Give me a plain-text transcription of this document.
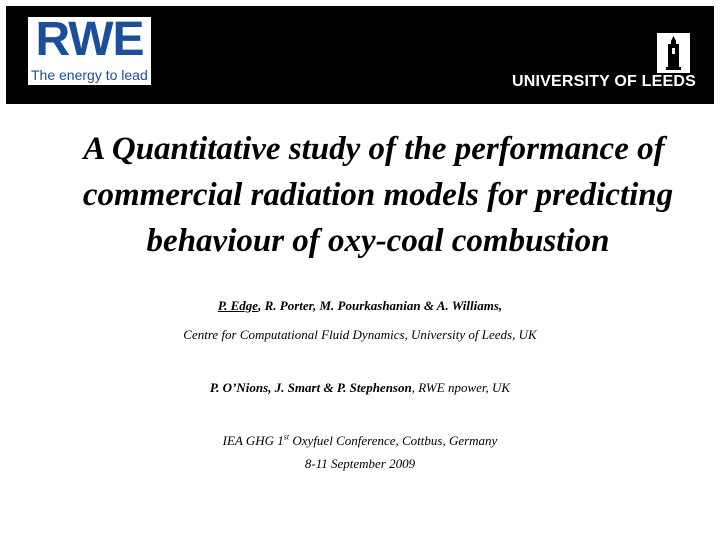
RWE
The energy to lead	UNIVERSITY OF LEEDS
A Quantitative study of the performance of commercial radiation models for predicting behaviour of oxy-coal combustion
P. Edge, R. Porter, M. Pourkashanian & A. Williams,
Centre for Computational Fluid Dynamics, University of Leeds, UK
P. O’Nions, J. Smart & P. Stephenson, RWE npower, UK
IEA GHG 1st Oxyfuel Conference, Cottbus, Germany
8-11 September 2009
